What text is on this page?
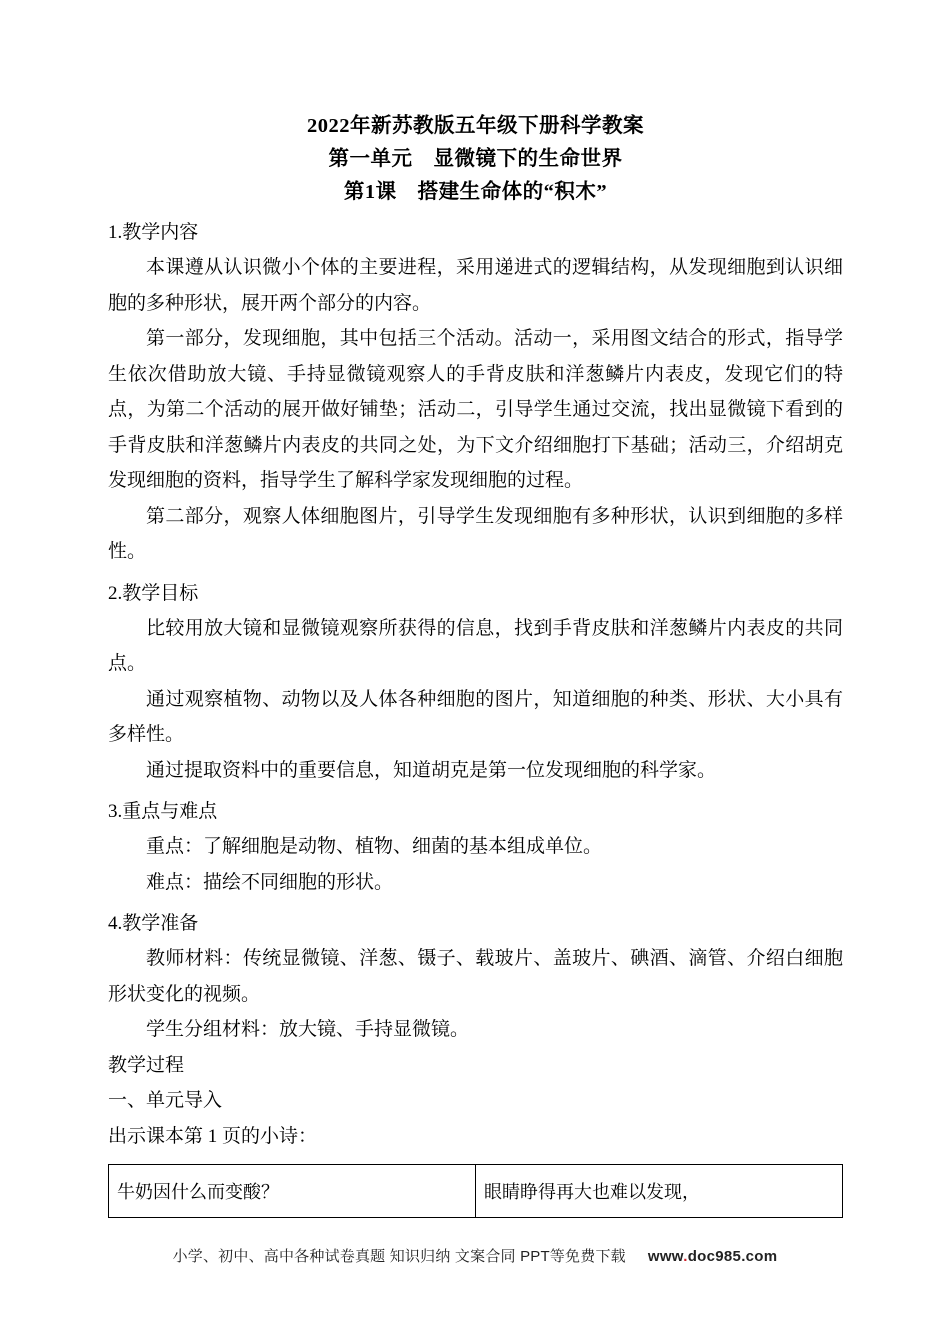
2022年新苏教版五年级下册科学教案
第一单元　显微镜下的生命世界
第1课　搭建生命体的“积木”
1.教学内容

本课遵从认识微小个体的主要进程，采用递进式的逻辑结构，从发现细胞到认识细胞的多种形状，展开两个部分的内容。

第一部分，发现细胞，其中包括三个活动。活动一，采用图文结合的形式，指导学生依次借助放大镜、手持显微镜观察人的手背皮肤和洋葱鳞片内表皮，发现它们的特点，为第二个活动的展开做好铺垫；活动二，引导学生通过交流，找出显微镜下看到的手背皮肤和洋葱鳞片内表皮的共同之处，为下文介绍细胞打下基础；活动三，介绍胡克发现细胞的资料，指导学生了解科学家发现细胞的过程。

第二部分，观察人体细胞图片，引导学生发现细胞有多种形状，认识到细胞的多样性。

2.教学目标

比较用放大镜和显微镜观察所获得的信息，找到手背皮肤和洋葱鳞片内表皮的共同点。

通过观察植物、动物以及人体各种细胞的图片，知道细胞的种类、形状、大小具有多样性。

通过提取资料中的重要信息，知道胡克是第一位发现细胞的科学家。

3.重点与难点

重点：了解细胞是动物、植物、细菌的基本组成单位。

难点：描绘不同细胞的形状。

4.教学准备

教师材料：传统显微镜、洋葱、镊子、载玻片、盖玻片、碘酒、滴管、介绍白细胞形状变化的视频。

学生分组材料：放大镜、手持显微镜。

教学过程

一、单元导入

出示课本第 1 页的小诗：

牛奶因什么而变酸？	眼睛睁得再大也难以发现，
小学、初中、高中各种试卷真题 知识归纳 文案合同 PPT等免费下载 www.doc985.com
